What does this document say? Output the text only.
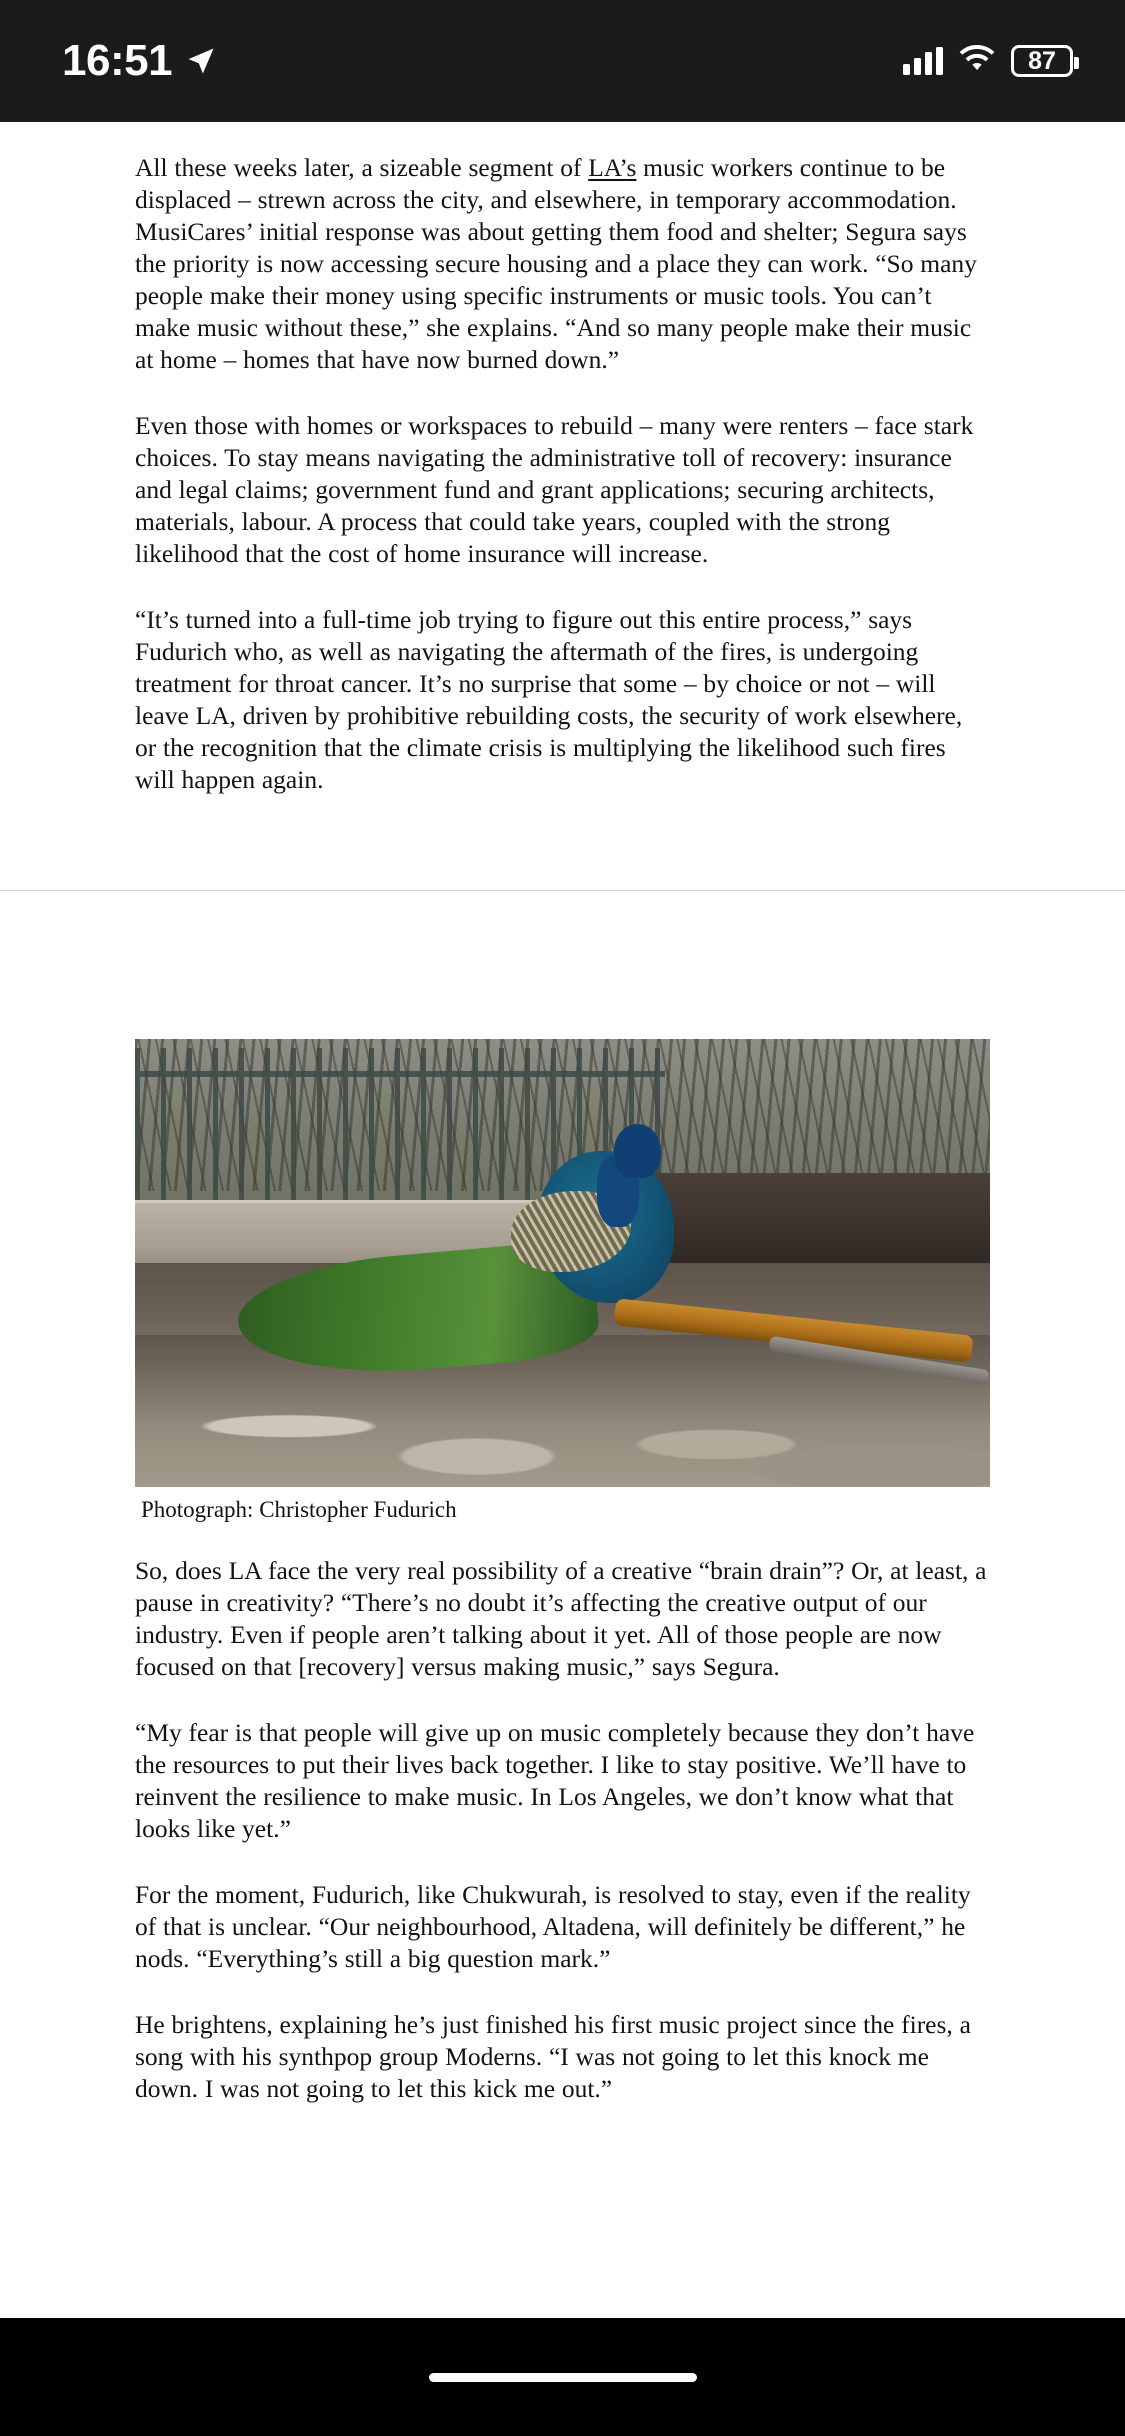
16:51	87

All these weeks later, a sizeable segment of LA’s music workers continue to be displaced – strewn across the city, and elsewhere, in temporary accommodation. MusiCares’ initial response was about getting them food and shelter; Segura says the priority is now accessing secure housing and a place they can work. “So many people make their money using specific instruments or music tools. You can’t make music without these,” she explains. “And so many people make their music at home – homes that have now burned down.”

Even those with homes or workspaces to rebuild – many were renters – face stark choices. To stay means navigating the administrative toll of recovery: insurance and legal claims; government fund and grant applications; securing architects, materials, labour. A process that could take years, coupled with the strong likelihood that the cost of home insurance will increase.

“It’s turned into a full-time job trying to figure out this entire process,” says Fudurich who, as well as navigating the aftermath of the fires, is undergoing treatment for throat cancer. It’s no surprise that some – by choice or not – will leave LA, driven by prohibitive rebuilding costs, the security of work elsewhere, or the recognition that the climate crisis is multiplying the likelihood such fires will happen again.

Photograph: Christopher Fudurich

So, does LA face the very real possibility of a creative “brain drain”? Or, at least, a pause in creativity? “There’s no doubt it’s affecting the creative output of our industry. Even if people aren’t talking about it yet. All of those people are now focused on that [recovery] versus making music,” says Segura.

“My fear is that people will give up on music completely because they don’t have the resources to put their lives back together. I like to stay positive. We’ll have to reinvent the resilience to make music. In Los Angeles, we don’t know what that looks like yet.”

For the moment, Fudurich, like Chukwurah, is resolved to stay, even if the reality of that is unclear. “Our neighbourhood, Altadena, will definitely be different,” he nods. “Everything’s still a big question mark.”

He brightens, explaining he’s just finished his first music project since the fires, a song with his synthpop group Moderns. “I was not going to let this knock me down. I was not going to let this kick me out.”
